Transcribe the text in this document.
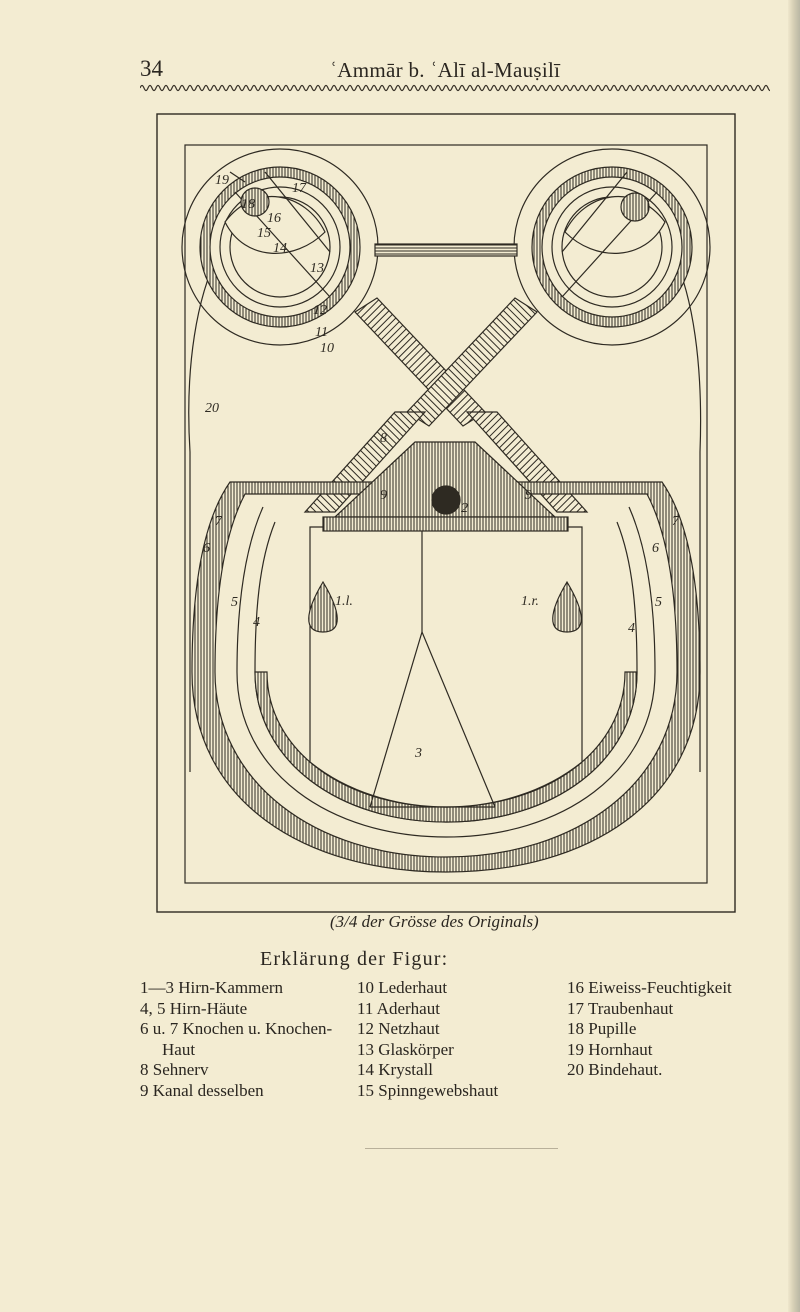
34	ʿAmmār b. ʿAlī al-Mauṣilī
19
17
18
16
15
14
13
12
11
10
20
8
9
2
9
7	7
6	6
1.l.	1.r.
5	5
4	4
3
(3/4 der Grösse des Originals)
Erklärung der Figur:
1—3 Hirn-Kammern
4, 5 Hirn-Häute
6 u. 7 Knochen u. Knochen-
Haut
8 Sehnerv
9 Kanal desselben
10 Lederhaut
11 Aderhaut
12 Netzhaut
13 Glaskörper
14 Krystall
15 Spinngewebshaut
16 Eiweiss-Feuchtigkeit
17 Traubenhaut
18 Pupille
19 Hornhaut
20 Bindehaut.
